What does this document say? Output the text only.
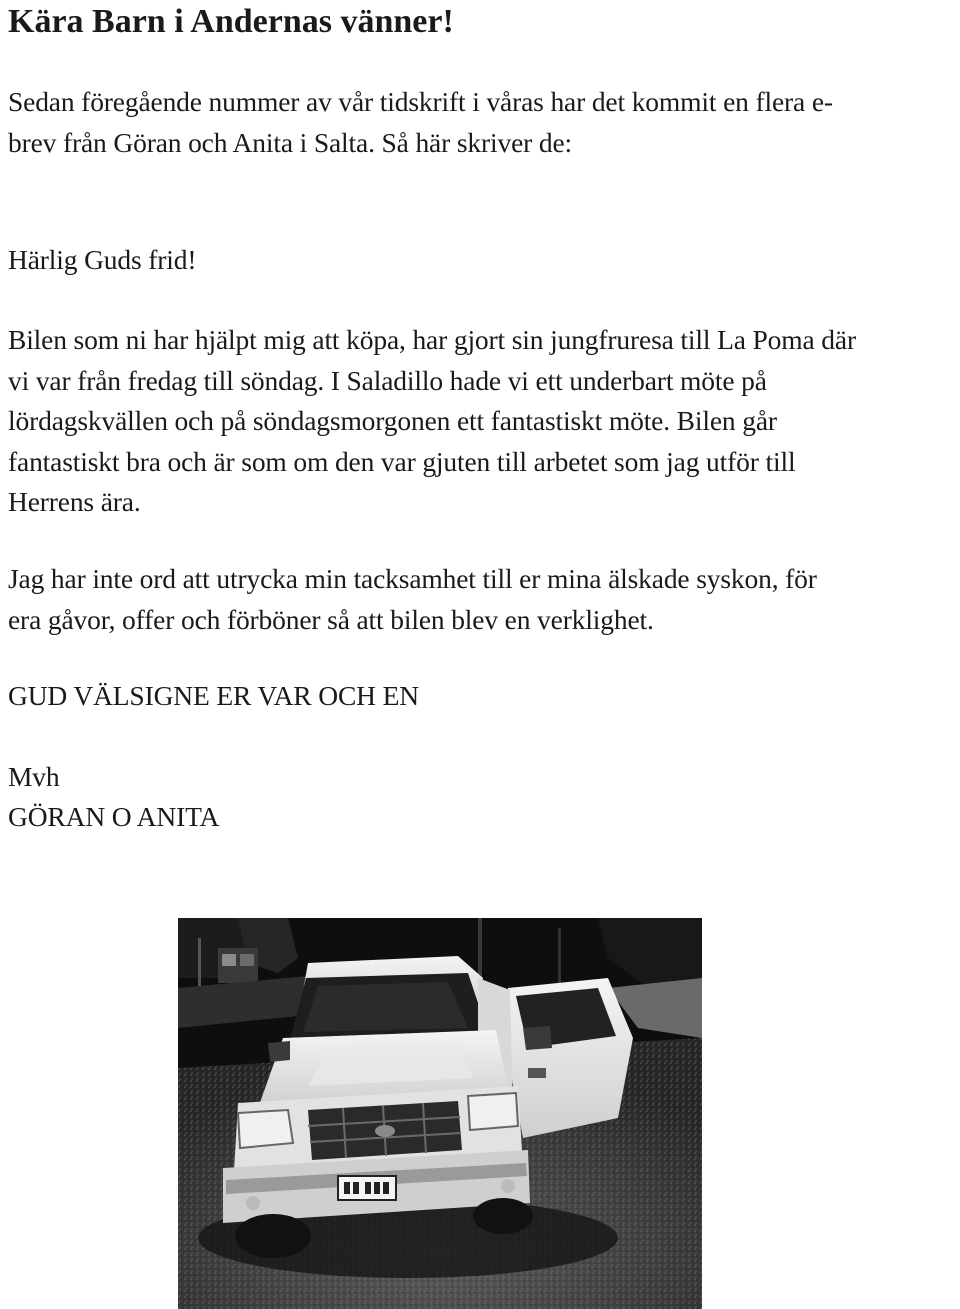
Kära Barn i Andernas vänner!

Sedan föregående nummer av vår tidskrift i våras har det kommit en flera e-
brev från Göran och Anita i Salta. Så här skriver de:

Härlig Guds frid!

Bilen som ni har hjälpt mig att köpa, har gjort sin jungfruresa till La Poma där
vi var från fredag till söndag. I Saladillo hade vi ett underbart möte på
lördagskvällen och på söndagsmorgonen ett fantastiskt möte. Bilen går
fantastiskt bra och är som om den var gjuten till arbetet som jag utför till
Herrens ära.

Jag har inte ord att utrycka min tacksamhet till er mina älskade syskon, för
era gåvor, offer och förböner så att bilen blev en verklighet.

GUD VÄLSIGNE ER VAR OCH EN

Mvh

GÖRAN O ANITA
